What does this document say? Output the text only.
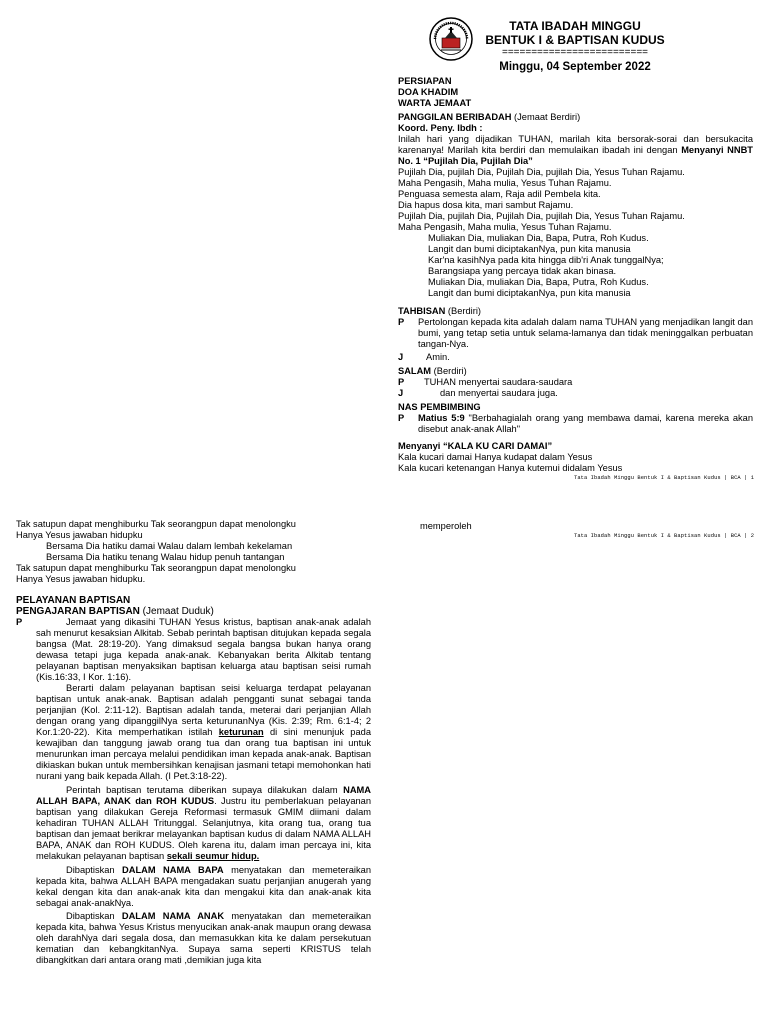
TATA IBADAH MINGGU
BENTUK I & BAPTISAN KUDUS
=========================
Minggu, 04 September 2022
PERSIAPAN
DOA KHADIM
WARTA JEMAAT
PANGGILAN BERIBADAH (Jemaat Berdiri)
Koord. Peny. Ibdh :
Inilah hari yang dijadikan TUHAN, marilah kita bersorak-sorai dan bersukacita karenanya! Marilah kita berdiri dan memulaikan ibadah ini dengan Menyanyi NNBT No. 1 “Pujilah Dia, Pujilah Dia”
Pujilah Dia, pujilah Dia, Pujilah Dia, pujilah Dia, Yesus Tuhan Rajamu.
Maha Pengasih, Maha mulia, Yesus Tuhan Rajamu.
Penguasa semesta alam, Raja adil Pembela kita.
Dia hapus dosa kita, mari sambut Rajamu.
Pujilah Dia, pujilah Dia, Pujilah Dia, pujilah Dia, Yesus Tuhan Rajamu.
Maha Pengasih, Maha mulia, Yesus Tuhan Rajamu.
Muliakan Dia, muliakan Dia, Bapa, Putra, Roh Kudus.
Langit dan bumi diciptakanNya, pun kita manusia
Kar'na kasihNya pada kita hingga dib'ri Anak tunggalNya;
Barangsiapa yang percaya tidak akan binasa.
Muliakan Dia, muliakan Dia, Bapa, Putra, Roh Kudus.
Langit dan bumi diciptakanNya, pun kita manusia
TAHBISAN (Berdiri)
P	Pertolongan kepada kita adalah dalam nama TUHAN yang menjadikan langit dan bumi, yang tetap setia untuk selama-lamanya dan tidak meninggalkan perbuatan tangan-Nya.
J	Amin.
SALAM (Berdiri)
P	TUHAN menyertai saudara-saudara
J	dan menyertai saudara juga.
NAS PEMBIMBING
P	Matius 5:9 "Berbahagialah orang yang membawa damai, karena mereka akan disebut anak-anak Allah"
Menyanyi “KALA KU CARI DAMAI”
Kala kucari damai Hanya kudapat dalam Yesus
Kala kucari ketenangan Hanya kutemui didalam Yesus
Tata Ibadah Minggu Bentuk I & Baptisan Kudus | BCA | 1
Tak satupun dapat menghiburku Tak seorangpun dapat menolongku
Hanya Yesus jawaban hidupku
Bersama Dia hatiku damai Walau dalam lembah kekelaman
Bersama Dia hatiku tenang Walau hidup penuh tantangan
Tak satupun dapat menghiburku Tak seorangpun dapat menolongku
Hanya Yesus jawaban hidupku.
PELAYANAN BAPTISAN
PENGAJARAN BAPTISAN (Jemaat Duduk)
P	Jemaat yang dikasihi TUHAN Yesus kristus, baptisan anak-anak adalah sah menurut kesaksian Alkitab. Sebab perintah baptisan ditujukan kepada segala bangsa (Mat. 28:19-20). Yang dimaksud segala bangsa bukan hanya orang dewasa tetapi juga kepada anak-anak. Kebanyakan berita Alkitab tentang pelayanan baptisan menyaksikan baptisan keluarga atau baptisan seisi rumah (Kis.16:33, I Kor. 1:16).
Berarti dalam pelayanan baptisan seisi keluarga terdapat pelayanan baptisan untuk anak-anak. Baptisan adalah pengganti sunat sebagai tanda perjanjian (Kol. 2:11-12). Baptisan adalah tanda, meterai dari perjanjian Allah dengan orang yang dipanggilNya serta keturunanNya (Kis. 2:39; Rm. 6:1-4; 2 Kor.1:20-22). Kita memperhatikan istilah keturunan di sini menunjuk pada kewajiban dan tanggung jawab orang tua dan orang tua baptisan ini untuk menurunkan iman percaya melalui pendidikan iman kepada anak-anak. Baptisan dikiaskan bukan untuk membersihkan kenajisan jasmani tetapi memohonkan hati nurani yang baik kepada Allah. (I Pet.3:18-22).
Perintah baptisan terutama diberikan supaya dilakukan dalam NAMA ALLAH BAPA, ANAK dan ROH KUDUS. Justru itu pemberlakuan pelayanan baptisan yang dilakukan Gereja Reformasi termasuk GMIM diimani dalam kehadiran TUHAN ALLAH Tritunggal. Selanjutnya, kita orang tua, orang tua baptisan dan jemaat berikrar melayankan baptisan kudus di dalam NAMA ALLAH BAPA, ANAK dan ROH KUDUS. Oleh karena itu, dalam iman percaya ini, kita melakukan pelayanan baptisan sekali seumur hidup.
Dibaptiskan DALAM NAMA BAPA menyatakan dan memeteraikan kepada kita, bahwa ALLAH BAPA mengadakan suatu perjanjian anugerah yang kekal dengan kita dan anak-anak kita dan mengakui kita dan anak-anak kita sebagai anak-anakNya.
Dibaptiskan DALAM NAMA ANAK menyatakan dan memeteraikan kepada kita, bahwa Yesus Kristus menyucikan anak-anak maupun orang dewasa oleh darahNya dari segala dosa, dan memasukkan kita ke dalam persekutuan kematian dan kebangkitanNya. Supaya sama seperti KRISTUS telah dibangkitkan dari antara orang mati ,demikian juga kita
memperoleh
Tata Ibadah Minggu Bentuk I & Baptisan Kudus | BCA | 2
